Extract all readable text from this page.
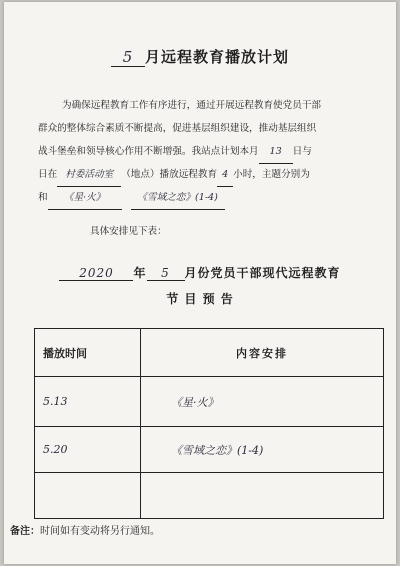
5 月远程教育播放计划
为确保远程教育工作有序进行，通过开展远程教育使党员干部
群众的整体综合素质不断提高，促进基层组织建设，推动基层组织
战斗堡垒和领导核心作用不断增强。我站点计划本月 13 日与
日在 村委活动室 （地点）播放远程教育 4 小时，主题分别为
和 《星·火》	《雪域之恋》(1-4)
具体安排见下表：
2020 年 5 月份党员干部现代远程教育
节 目 预 告
播放时间	内容安排
5.13	《星·火》
5.20	《雪域之恋》(1-4)

备注：时间如有变动将另行通知。
